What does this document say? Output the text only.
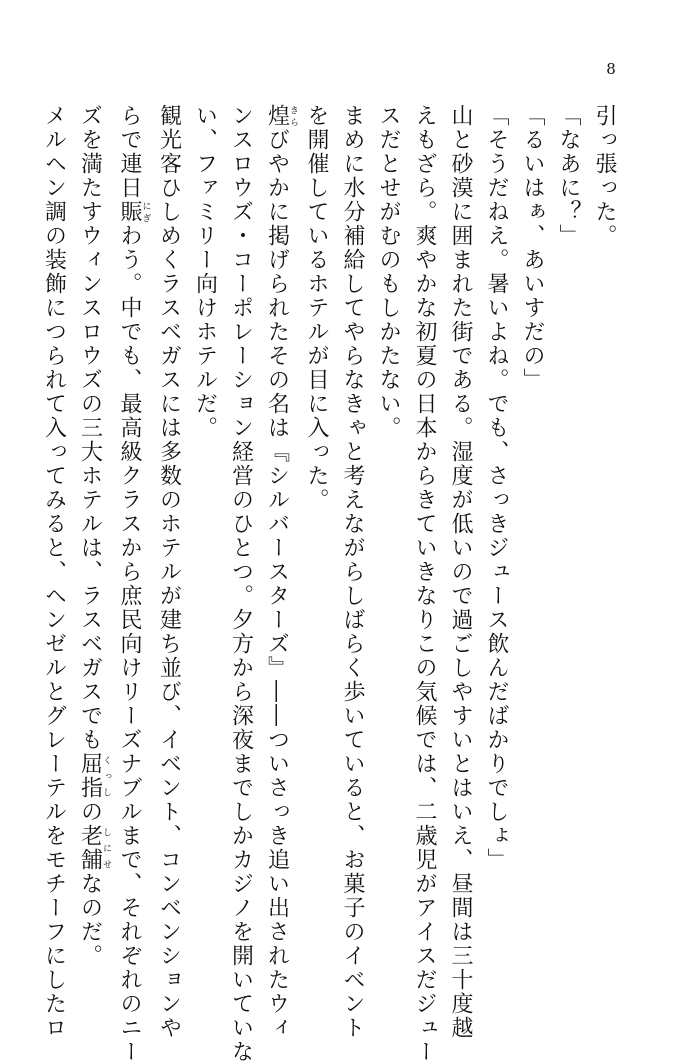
8
引っ張った。
「なあに？」
「るいはぁ、あいすだの」
「そうだねえ。暑いよね。でも、さっきジュース飲んだばかりでしょ」
山と砂漠に囲まれた街である。湿度が低いので過ごしやすいとはいえ、昼間は三十度越
えもざら。爽やかな初夏の日本からきていきなりこの気候では、二歳児がアイスだジュー
スだとせがむのもしかたない。
まめに水分補給してやらなきゃと考えながらしばらく歩いていると、お菓子のイベント
を開催しているホテルが目に入った。
煌きらびやかに掲げられたその名は『シルバースターズ』――ついさっき追い出されたウィ
ンスロウズ・コーポレーション経営のひとつ。夕方から深夜までしかカジノを開いていな
い、ファミリー向けホテルだ。
観光客ひしめくラスベガスには多数のホテルが建ち並び、イベント、コンベンションや
らで連日賑にぎわう。中でも、最高級クラスから庶民向けリーズナブルまで、それぞれのニー
ズを満たすウィンスロウズの三大ホテルは、ラスベガスでも屈指くっしの老舗しにせなのだ。
メルヘン調の装飾につられて入ってみると、ヘンゼルとグレーテルをモチーフにしたロ
